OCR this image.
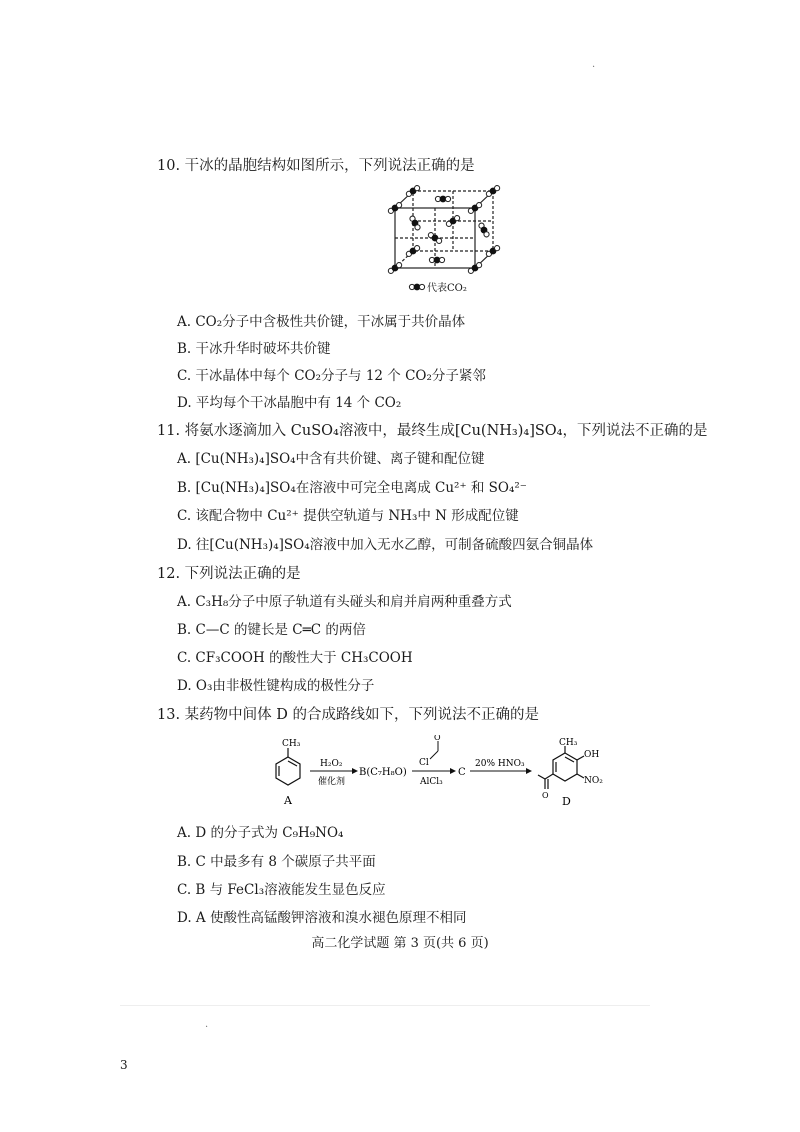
·
10. 干冰的晶胞结构如图所示，下列说法正确的是
代表CO₂
A. CO₂分子中含极性共价键，干冰属于共价晶体
B. 干冰升华时破坏共价键
C. 干冰晶体中每个 CO₂分子与 12 个 CO₂分子紧邻
D. 平均每个干冰晶胞中有 14 个 CO₂
11. 将氨水逐滴加入 CuSO₄溶液中，最终生成[Cu(NH₃)₄]SO₄，下列说法不正确的是
A. [Cu(NH₃)₄]SO₄中含有共价键、离子键和配位键
B. [Cu(NH₃)₄]SO₄在溶液中可完全电离成 Cu²⁺ 和 SO₄²⁻
C. 该配合物中 Cu²⁺ 提供空轨道与 NH₃中 N 形成配位键
D. 往[Cu(NH₃)₄]SO₄溶液中加入无水乙醇，可制备硫酸四氨合铜晶体
12. 下列说法正确的是
A. C₃H₈分子中原子轨道有头碰头和肩并肩两种重叠方式
B. C—C 的键长是 C═C 的两倍
C. CF₃COOH 的酸性大于 CH₃COOH
D. O₃由非极性键构成的极性分子
13. 某药物中间体 D 的合成路线如下，下列说法不正确的是
CH₃
A
H₂O₂
催化剂
B(C₇H₈O)
Cl
O
AlCl₃
C
20% HNO₃
CH₃
OH
NO₂
O D
A. D 的分子式为 C₉H₉NO₄
B. C 中最多有 8 个碳原子共平面
C. B 与 FeCl₃溶液能发生显色反应
D. A 使酸性高锰酸钾溶液和溴水褪色原理不相同
高二化学试题 第 3 页(共 6 页)
·
3
